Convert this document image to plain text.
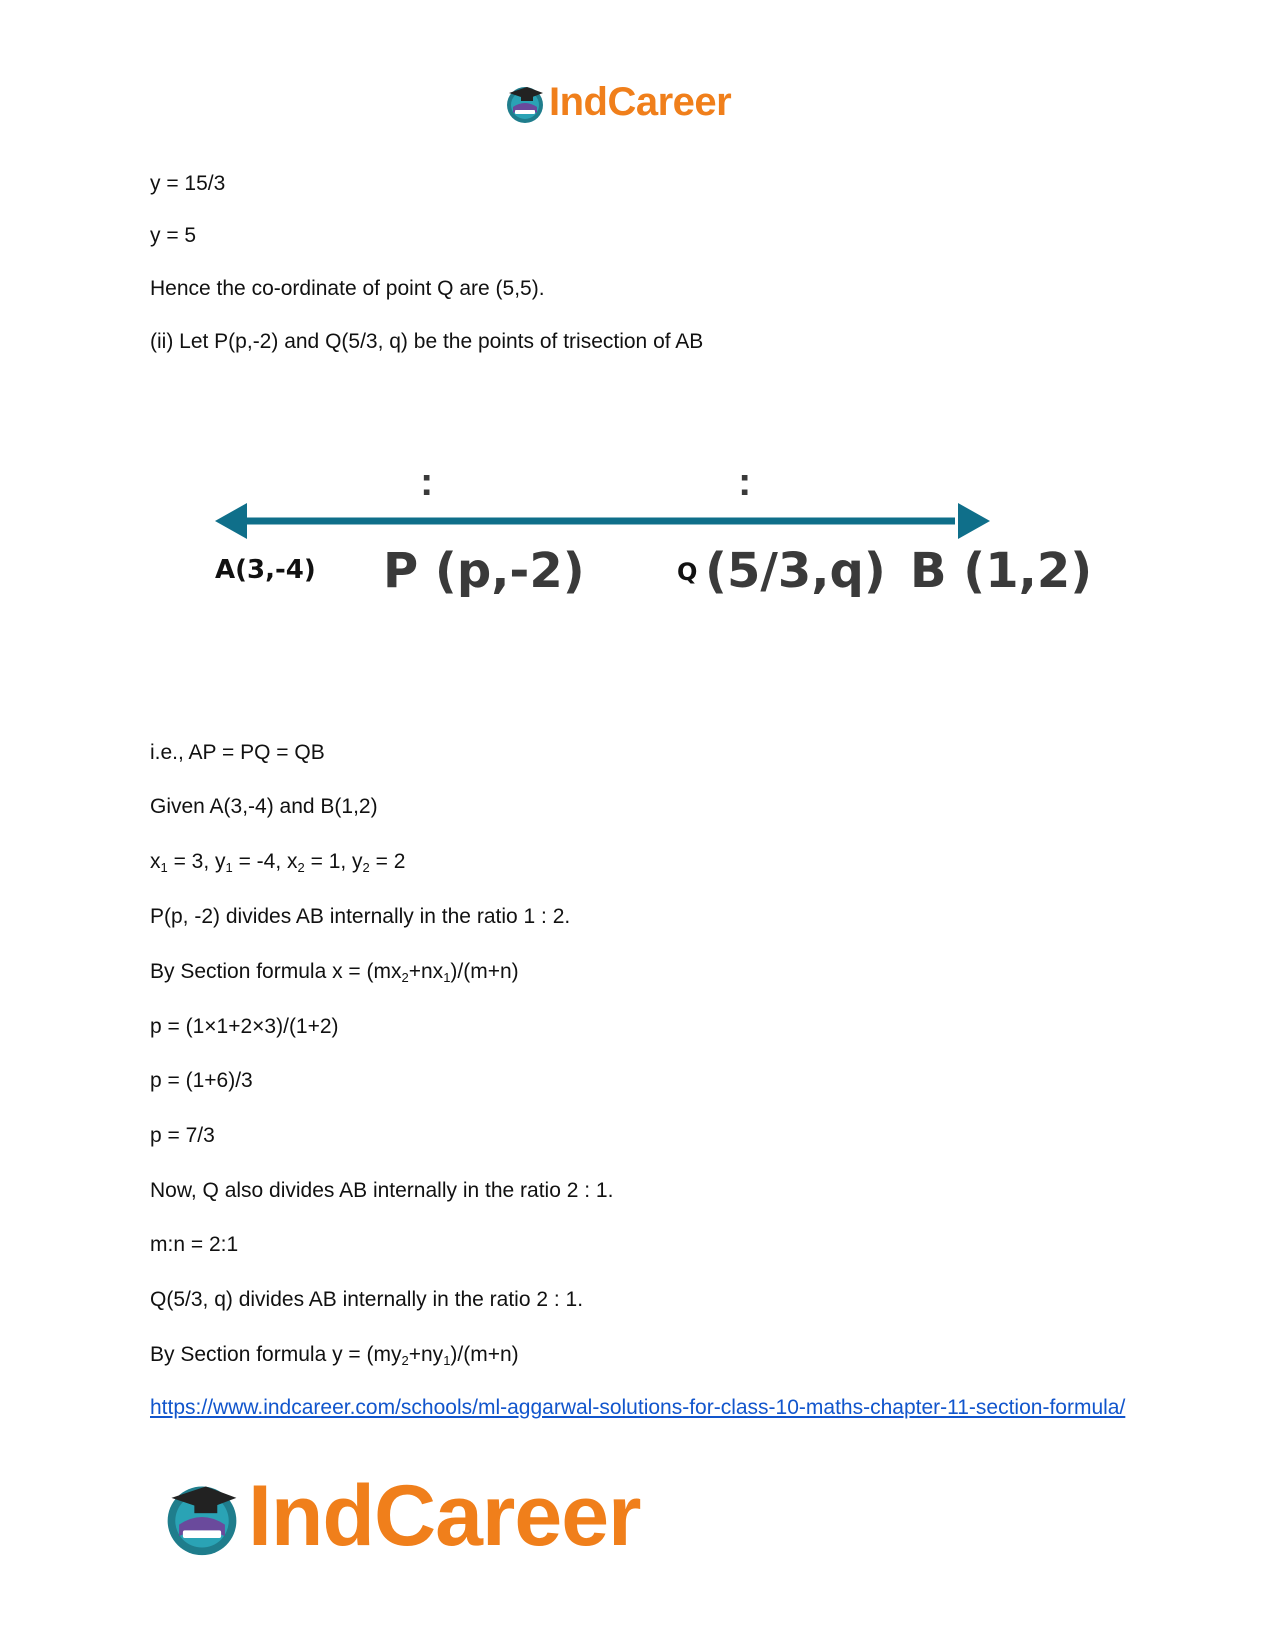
IndCareer
y = 15/3
y = 5
Hence the co-ordinate of point Q are (5,5).
(ii) Let P(p,-2) and Q(5/3, q) be the points of trisection of AB
:	:
A(3,-4) P (p,-2)	Q (5/3,q) B (1,2)
i.e., AP = PQ = QB
Given A(3,-4) and B(1,2)
$x_1 = 3$, $y_1 = -4$, $x_2 = 1$, $y_2 = 2$
P(p, -2) divides AB internally in the ratio 1 : 2.
By Section formula $x = (mx_2+nx_1)/(m+n)$
p = (1×1+2×3)/(1+2)
p = (1+6)/3
p = 7/3
Now, Q also divides AB internally in the ratio 2 : 1.
m:n = 2:1
Q(5/3, q) divides AB internally in the ratio 2 : 1.
By Section formula $y = (my_2+ny_1)/(m+n)$
https://www.indcareer.com/schools/ml-aggarwal-solutions-for-class-10-maths-chapter-11-section-formula/
IndCareer
